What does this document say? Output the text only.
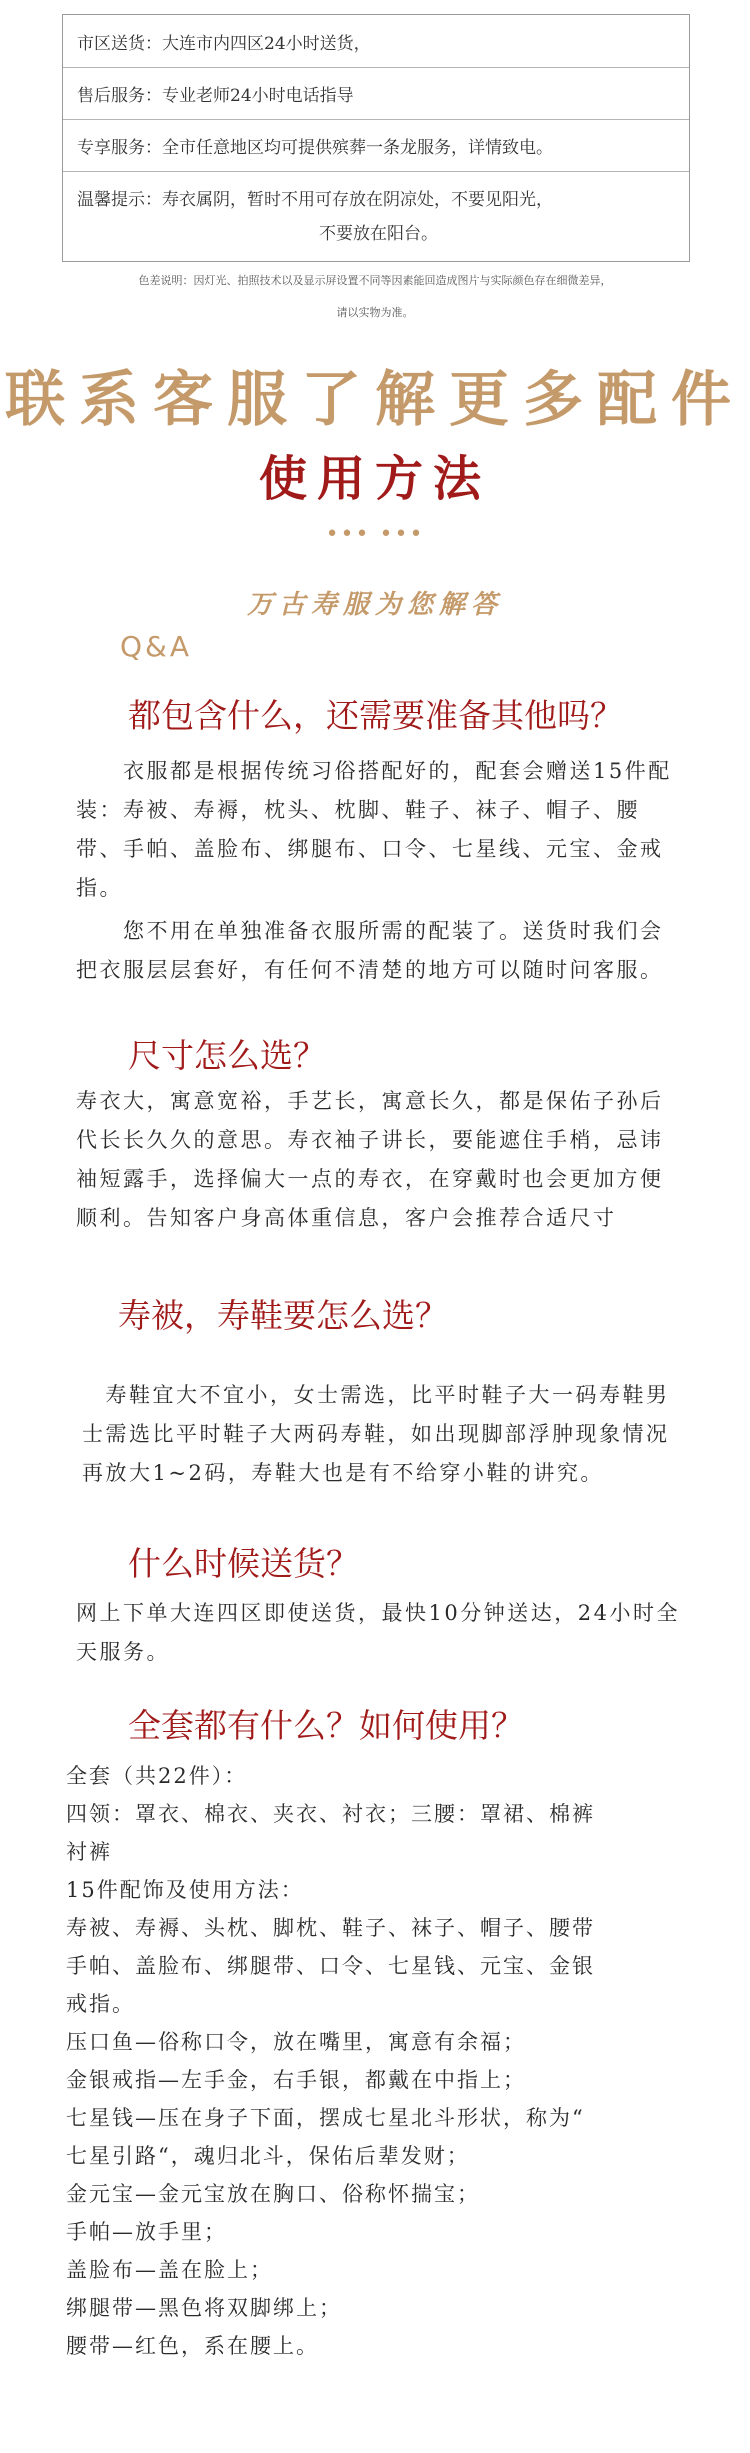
市区送货：大连市内四区24小时送货，
售后服务：专业老师24小时电话指导
专享服务：全市任意地区均可提供殡葬一条龙服务，详情致电。
温馨提示：寿衣属阴，暂时不用可存放在阴凉处，不要见阳光，
不要放在阳台。
色差说明：因灯光、拍照技术以及显示屏设置不同等因素能回造成图片与实际颜色存在细微差异，
请以实物为准。
联系客服了解更多配件
使用方法
••• •••
万古寿服为您解答
Q&A
都包含什么，还需要准备其他吗？
　　衣服都是根据传统习俗搭配好的，配套会赠送15件配装：寿被、寿褥，枕头、枕脚、鞋子、袜子、帽子、腰带、手帕、盖脸布、绑腿布、口令、七星线、元宝、金戒指。
　　您不用在单独准备衣服所需的配装了。送货时我们会把衣服层层套好，有任何不清楚的地方可以随时问客服。
尺寸怎么选？
寿衣大，寓意宽裕，手艺长，寓意长久，都是保佑子孙后代长长久久的意思。寿衣袖子讲长，要能遮住手梢，忌讳袖短露手，选择偏大一点的寿衣，在穿戴时也会更加方便顺利。告知客户身高体重信息，客户会推荐合适尺寸
寿被，寿鞋要怎么选？
　寿鞋宜大不宜小，女士需选，比平时鞋子大一码寿鞋男士需选比平时鞋子大两码寿鞋，如出现脚部浮肿现象情况再放大1~2码，寿鞋大也是有不给穿小鞋的讲究。
什么时候送货？
网上下单大连四区即使送货，最快10分钟送达，24小时全天服务。
全套都有什么？如何使用？
全套（共22件）：
四领：罩衣、棉衣、夹衣、衬衣；三腰：罩裙、棉裤
衬裤
15件配饰及使用方法：
寿被、寿褥、头枕、脚枕、鞋子、袜子、帽子、腰带
手帕、盖脸布、绑腿带、口令、七星钱、元宝、金银
戒指。
压口鱼—俗称口令，放在嘴里，寓意有余福；
金银戒指—左手金，右手银，都戴在中指上；
七星钱—压在身子下面，摆成七星北斗形状，称为“
七星引路“，魂归北斗，保佑后辈发财；
金元宝—金元宝放在胸口、俗称怀揣宝；
手帕—放手里；
盖脸布—盖在脸上；
绑腿带—黑色将双脚绑上；
腰带—红色，系在腰上。
